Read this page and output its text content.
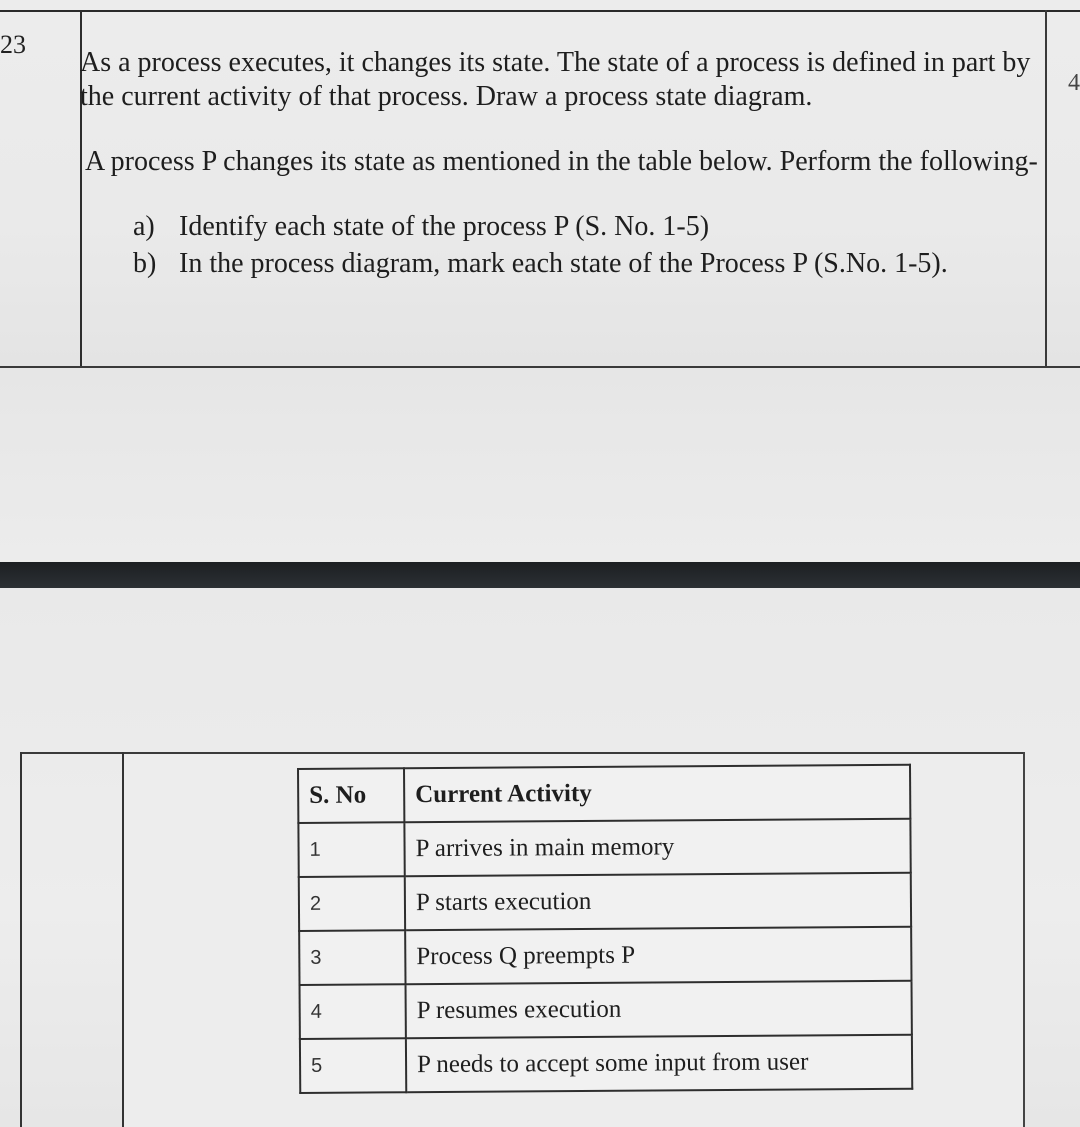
23
4

As a process executes, it changes its state. The state of a process is defined in part by the current activity of that process. Draw a process state diagram.

A process P changes its state as mentioned in the table below. Perform the following-

a) Identify each state of the process P (S. No. 1-5)
b) In the process diagram, mark each state of the Process P (S.No. 1-5).
S. No	Current Activity
1	P arrives in main memory
2	P starts execution
3	Process Q preempts P
4	P resumes execution
5	P needs to accept some input from user
